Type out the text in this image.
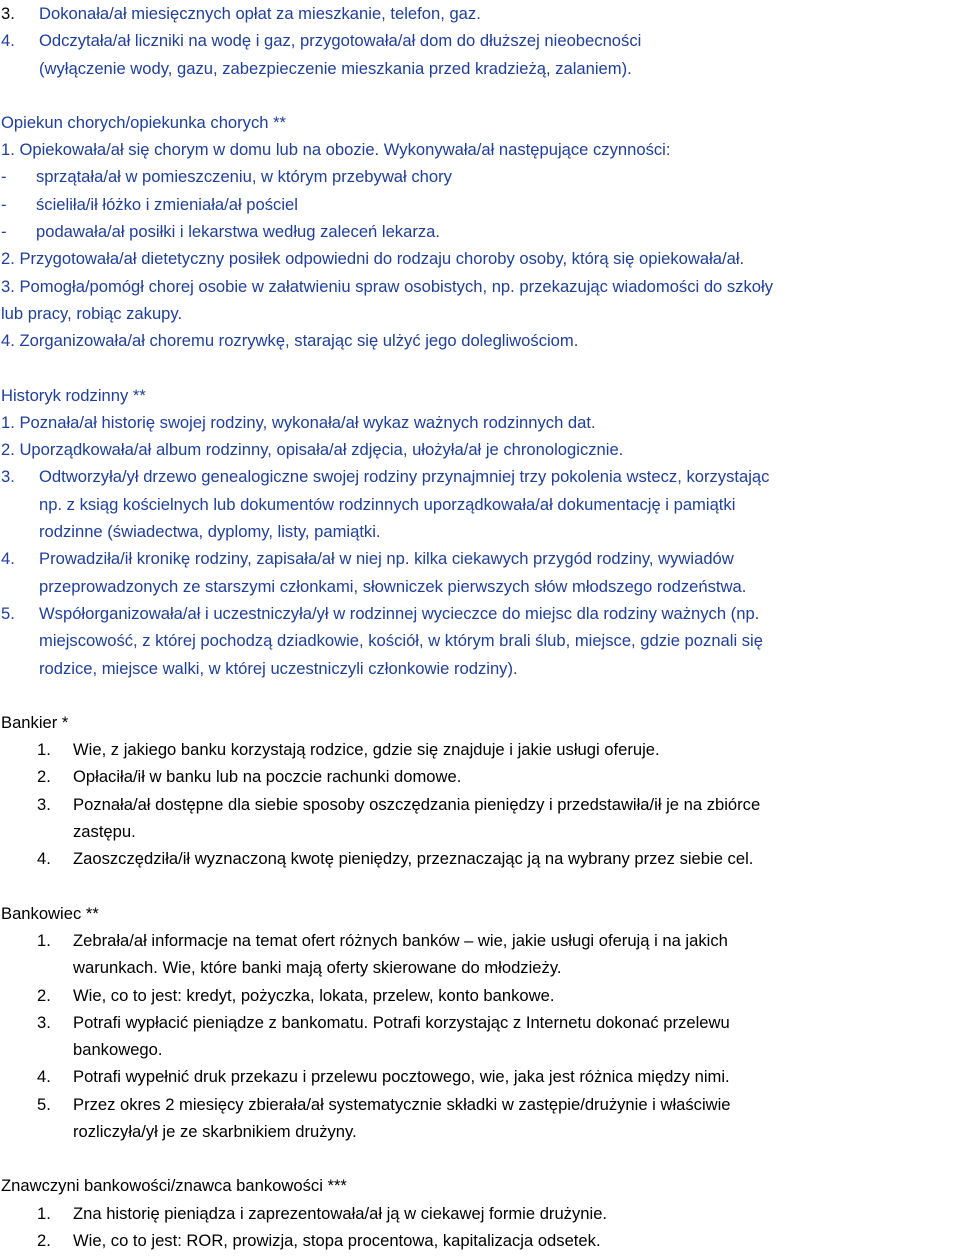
3.	Dokonała/ał miesięcznych opłat za mieszkanie, telefon, gaz.
4.	Odczytała/ał liczniki na wodę i gaz, przygotowała/ał dom do dłuższej nieobecności
(wyłączenie wody, gazu, zabezpieczenie mieszkania przed kradzieżą, zalaniem).
Opiekun chorych/opiekunka chorych **
1. Opiekowała/ał się chorym w domu lub na obozie. Wykonywała/ał następujące czynności:
-	sprzątała/ał w pomieszczeniu, w którym przebywał chory
-	ścieliła/ił łóżko i zmieniała/ał pościel
-	podawała/ał posiłki i lekarstwa według zaleceń lekarza.
2. Przygotowała/ał dietetyczny posiłek odpowiedni do rodzaju choroby osoby, którą się opiekowała/ał.
3. Pomogła/pomógł chorej osobie w załatwieniu spraw osobistych, np. przekazując wiadomości do szkoły
lub pracy, robiąc zakupy.
4. Zorganizowała/ał choremu rozrywkę, starając się ulżyć jego dolegliwościom.
Historyk rodzinny **
1. Poznała/ał historię swojej rodziny, wykonała/ał wykaz ważnych rodzinnych dat.
2. Uporządkowała/ał album rodzinny, opisała/ał zdjęcia, ułożyła/ał je chronologicznie.
3.	Odtworzyła/ył drzewo genealogiczne swojej rodziny przynajmniej trzy pokolenia wstecz, korzystając
np. z ksiąg kościelnych lub dokumentów rodzinnych uporządkowała/ał dokumentację i pamiątki
rodzinne (świadectwa, dyplomy, listy, pamiątki.
4.	Prowadziła/ił kronikę rodziny, zapisała/ał w niej np. kilka ciekawych przygód rodziny, wywiadów
przeprowadzonych ze starszymi członkami, słowniczek pierwszych słów młodszego rodzeństwa.
5.	Współorganizowała/ał i uczestniczyła/ył w rodzinnej wycieczce do miejsc dla rodziny ważnych (np.
miejscowość, z której pochodzą dziadkowie, kościół, w którym brali ślub, miejsce, gdzie poznali się
rodzice, miejsce walki, w której uczestniczyli członkowie rodziny).
Bankier *
1.	Wie, z jakiego banku korzystają rodzice, gdzie się znajduje i jakie usługi oferuje.
2.	Opłaciła/ił w banku lub na poczcie rachunki domowe.
3.	Poznała/ał dostępne dla siebie sposoby oszczędzania pieniędzy i przedstawiła/ił je na zbiórce
zastępu.
4.	Zaoszczędziła/ił wyznaczoną kwotę pieniędzy, przeznaczając ją na wybrany przez siebie cel.
Bankowiec **
1.	Zebrała/ał informacje na temat ofert różnych banków – wie, jakie usługi oferują i na jakich
warunkach. Wie, które banki mają oferty skierowane do młodzieży.
2.	Wie, co to jest: kredyt, pożyczka, lokata, przelew, konto bankowe.
3.	Potrafi wypłacić pieniądze z bankomatu. Potrafi korzystając z Internetu dokonać przelewu
bankowego.
4.	Potrafi wypełnić druk przekazu i przelewu pocztowego, wie, jaka jest różnica między nimi.
5.	Przez okres 2 miesięcy zbierała/ał systematycznie składki w zastępie/drużynie i właściwie
rozliczyła/ył je ze skarbnikiem drużyny.
Znawczyni bankowości/znawca bankowości ***
1.	Zna historię pieniądza i zaprezentowała/ał ją w ciekawej formie drużynie.
2.	Wie, co to jest: ROR, prowizja, stopa procentowa, kapitalizacja odsetek.
